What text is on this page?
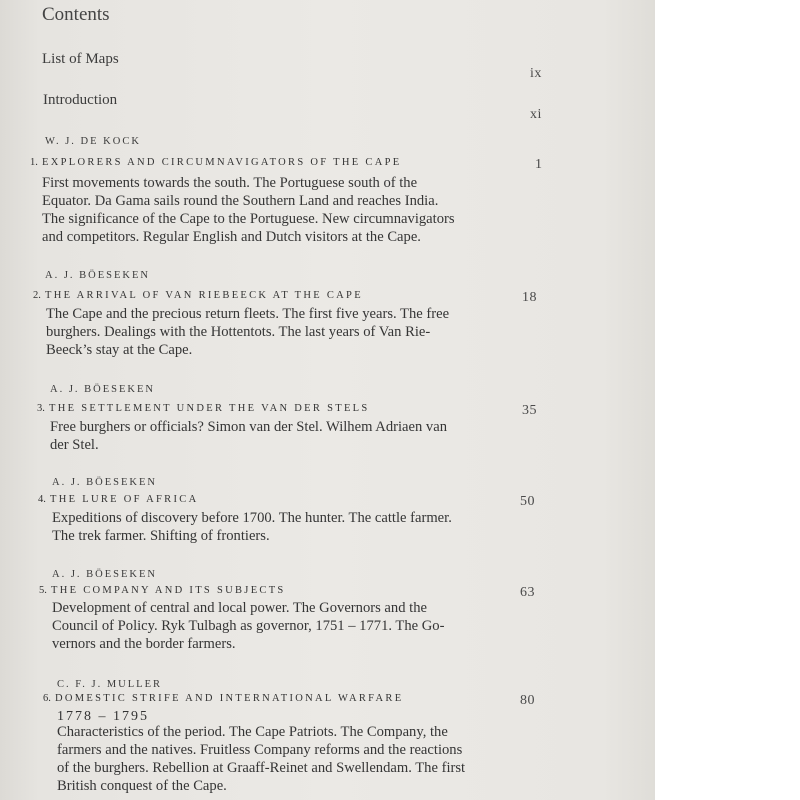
Contents
List of Maps
ix
Introduction
xi
W. J. DE KOCK
1. EXPLORERS AND CIRCUMNAVIGATORS OF THE CAPE	1
First movements towards the south. The Portuguese south of the
Equator. Da Gama sails round the Southern Land and reaches India.
The significance of the Cape to the Portuguese. New circumnavigators
and competitors. Regular English and Dutch visitors at the Cape.
A. J. BÖESEKEN
2. THE ARRIVAL OF VAN RIEBEECK AT THE CAPE	18
The Cape and the precious return fleets. The first five years. The free
burghers. Dealings with the Hottentots. The last years of Van Rie-
Beeck’s stay at the Cape.
A. J. BÖESEKEN
3. THE SETTLEMENT UNDER THE VAN DER STELS	35
Free burghers or officials? Simon van der Stel. Wilhem Adriaen van
der Stel.
A. J. BÖESEKEN
4. THE LURE OF AFRICA	50
Expeditions of discovery before 1700. The hunter. The cattle farmer.
The trek farmer. Shifting of frontiers.
A. J. BÖESEKEN
5. THE COMPANY AND ITS SUBJECTS	63
Development of central and local power. The Governors and the
Council of Policy. Ryk Tulbagh as governor, 1751 – 1771. The Go-
vernors and the border farmers.
C. F. J. MULLER
6. DOMESTIC STRIFE AND INTERNATIONAL WARFARE	80
1778 – 1795
Characteristics of the period. The Cape Patriots. The Company, the
farmers and the natives. Fruitless Company reforms and the reactions
of the burghers. Rebellion at Graaff-Reinet and Swellendam. The first
British conquest of the Cape.
